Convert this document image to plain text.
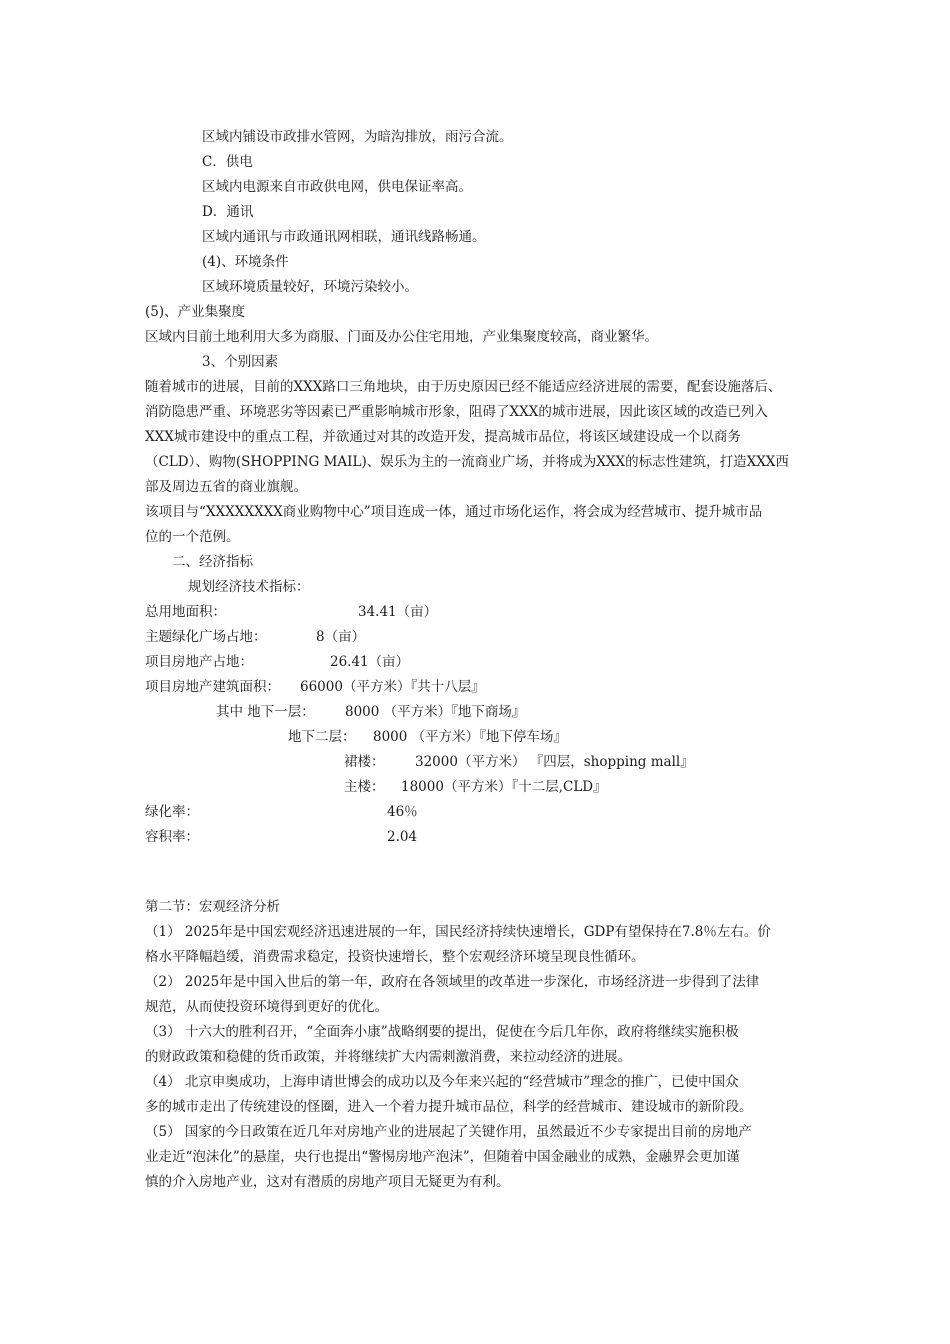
区域内铺设市政排水管网，为暗沟排放，雨污合流。
C．供电
区域内电源来自市政供电网，供电保证率高。
D．通讯
区域内通讯与市政通讯网相联，通讯线路畅通。
(4)、环境条件
区域环境质量较好，环境污染较小。
(5)、产业集聚度
区域内目前土地利用大多为商服、门面及办公住宅用地，产业集聚度较高，商业繁华。
3、个别因素
随着城市的进展，目前的XXX路口三角地块，由于历史原因已经不能适应经济进展的需要，配套设施落后、
消防隐患严重、环境恶劣等因素已严重影响城市形象，阻碍了XXX的城市进展，因此该区域的改造已列入
XXX城市建设中的重点工程，并欲通过对其的改造开发，提高城市品位，将该区域建设成一个以商务
（CLD）、购物(SHOPPING MAIL)、娱乐为主的一流商业广场，并将成为XXX的标志性建筑，打造XXX西
部及周边五省的商业旗舰。
该项目与“XXXXXXXX商业购物中心”项目连成一体，通过市场化运作，将会成为经营城市、提升城市品
位的一个范例。
二、经济指标
规划经济技术指标：
总用地面积：	34.41（亩）
主题绿化广场占地：	8（亩）
项目房地产占地：	26.41（亩）
项目房地产建筑面积： 66000（平方米）『共十八层』
其中 地下一层： 8000 （平方米）『地下商场』
地下二层： 8000 （平方米）『地下停车场』
裙楼： 32000（平方米） 『四层，shopping mall』
主楼： 18000（平方米）『十二层,CLD』
绿化率：	46％
容积率：	2.04
第二节：宏观经济分析
（1） 2025年是中国宏观经济迅速进展的一年，国民经济持续快速增长，GDP有望保持在7.8％左右。价
格水平降幅趋缓，消费需求稳定，投资快速增长，整个宏观经济环境呈现良性循环。
（2） 2025年是中国入世后的第一年，政府在各领域里的改革进一步深化，市场经济进一步得到了法律
规范，从而使投资环境得到更好的优化。
（3） 十六大的胜利召开，“全面奔小康”战略纲要的提出，促使在今后几年你，政府将继续实施积极
的财政政策和稳健的货币政策，并将继续扩大内需刺激消费，来拉动经济的进展。
（4） 北京申奥成功，上海申请世博会的成功以及今年来兴起的“经营城市”理念的推广，已使中国众
多的城市走出了传统建设的怪圈，进入一个着力提升城市品位，科学的经营城市、建设城市的新阶段。
（5） 国家的今日政策在近几年对房地产业的进展起了关键作用，虽然最近不少专家提出目前的房地产
业走近“泡沫化”的悬崖，央行也提出“警惕房地产泡沫”，但随着中国金融业的成熟，金融界会更加谨
慎的介入房地产业，这对有潜质的房地产项目无疑更为有利。
